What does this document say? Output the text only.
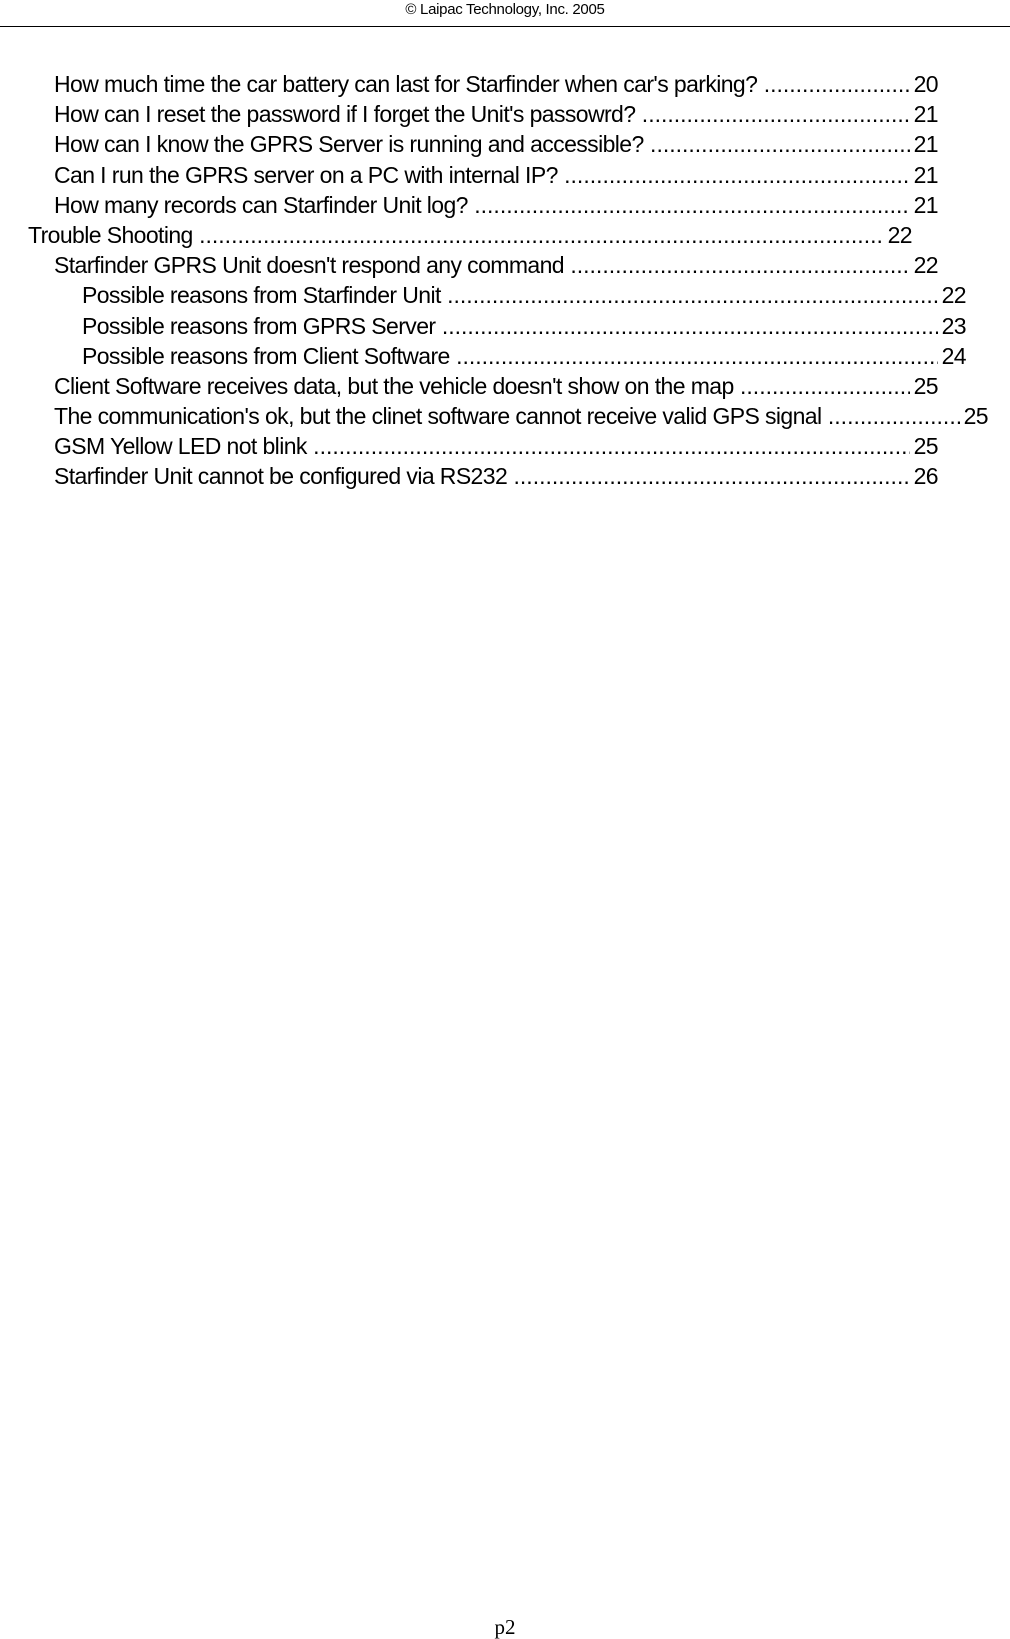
© Laipac Technology, Inc. 2005
How much time the car battery can last for Starfinder when car's parking? .....	20
How can I reset the password if I forget the Unit's passowrd? .....	21
How can I know the GPRS Server is running and accessible? .....	21
Can I run the GPRS server on a PC with internal IP? .....	21
How many records can Starfinder Unit log? .....	21
Trouble Shooting .....	22
Starfinder GPRS Unit doesn't respond any command .....	22
Possible reasons from Starfinder Unit .....	22
Possible reasons from GPRS Server .....	23
Possible reasons from Client Software .....	24
Client Software receives data, but the vehicle doesn't show on the map .....	25
The communication's ok, but the clinet software cannot receive valid GPS signal .....	25
GSM Yellow LED not blink .....	25
Starfinder Unit cannot be configured via RS232 .....	26
p2
